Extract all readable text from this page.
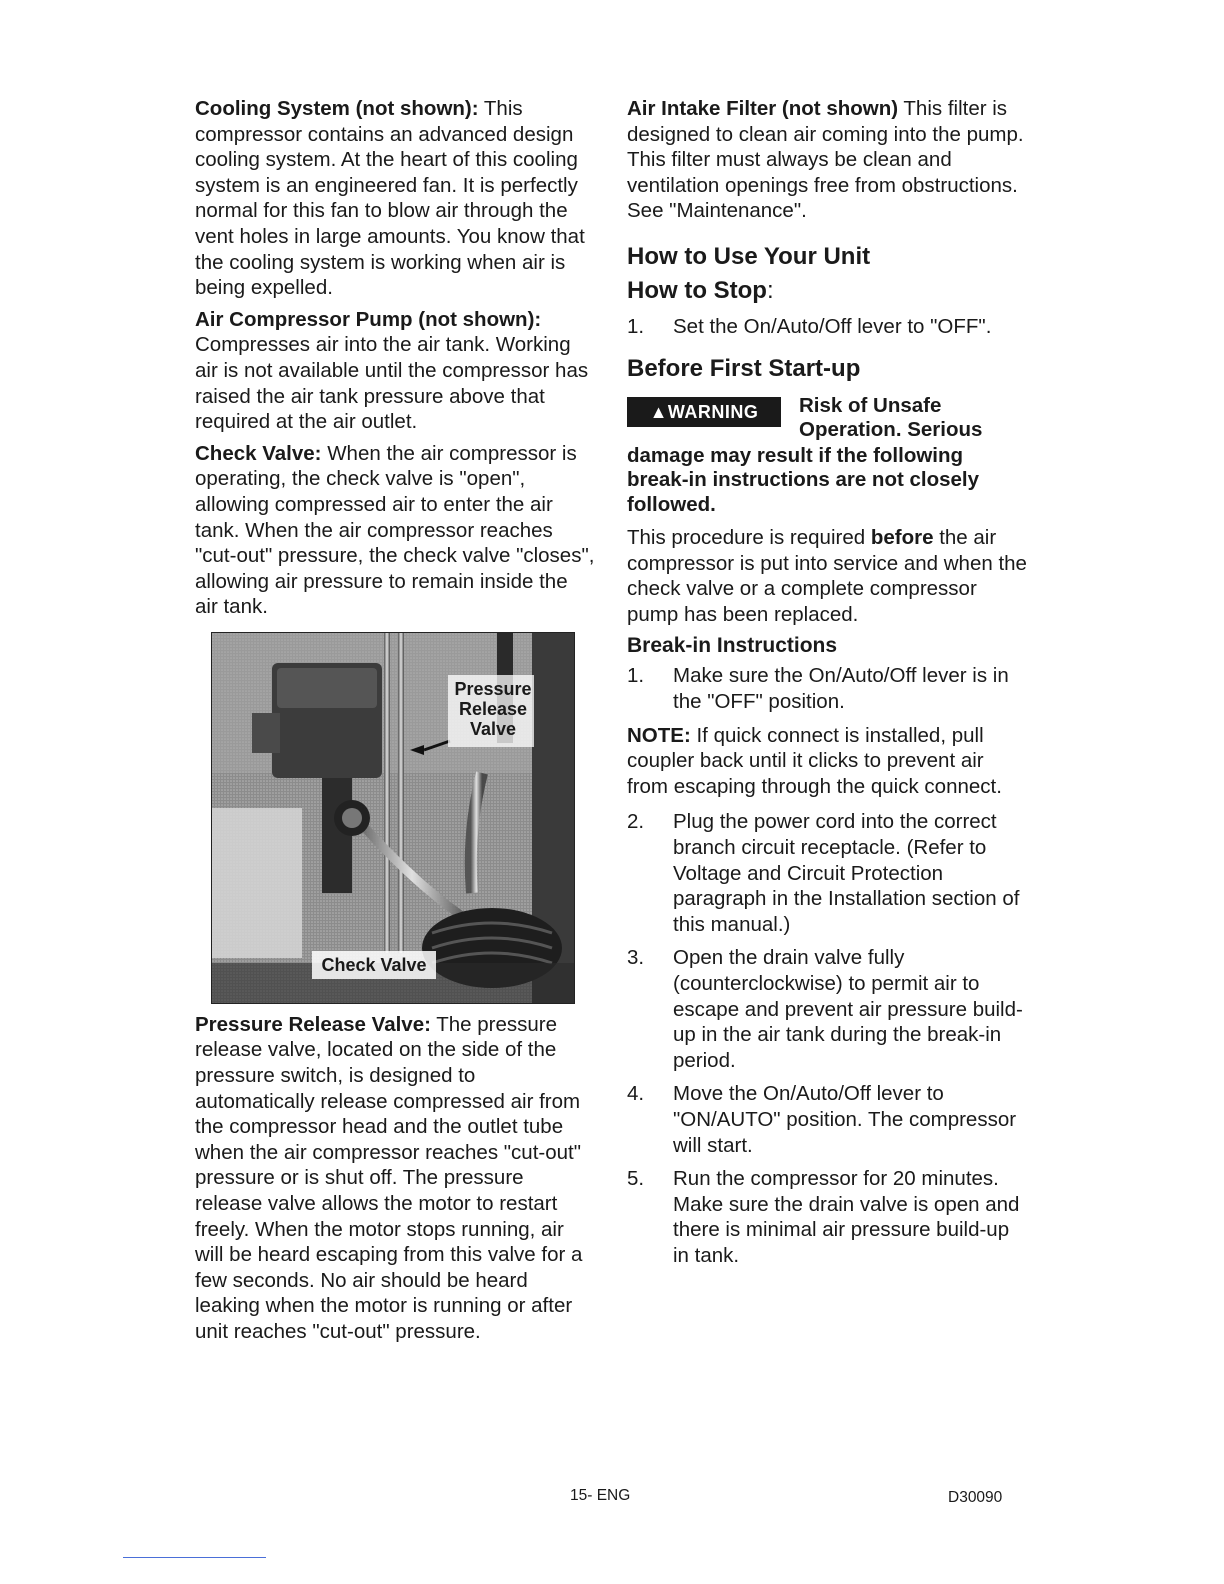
Cooling System (not shown): This compressor contains an advanced design cooling system. At the heart of this cooling system is an engineered fan. It is perfectly normal for this fan to blow air through the vent holes in large amounts. You know that the cooling system is working when air is being expelled.

Air Compressor Pump (not shown): Compresses air into the air tank. Working air is not available until the compressor has raised the air tank pressure above that required at the air outlet.

Check Valve: When the air compressor is operating, the check valve is "open", allowing compressed air to enter the air tank. When the air compressor reaches "cut-out" pressure, the check valve "closes", allowing air pressure to remain inside the air tank.

Pressure
Release
Valve
Check Valve

Pressure Release Valve: The pressure release valve, located on the side of the pressure switch, is designed to automatically release compressed air from the compressor head and the outlet tube when the air compressor reaches "cut-out" pressure or is shut off. The pressure release valve allows the motor to restart freely. When the motor stops running, air will be heard escaping from this valve for a few seconds. No air should be heard leaking when the motor is running or after unit reaches "cut-out" pressure.

Air Intake Filter (not shown) This filter is designed to clean air coming into the pump. This filter must always be clean and ventilation openings free from obstructions. See "Maintenance".

How to Use Your Unit
How to Stop:
1. Set the On/Auto/Off lever to "OFF".
Before First Start-up
▲WARNING	Risk of Unsafe
Operation. Serious

damage may result if the following break-in instructions are not closely followed.

This procedure is required before the air compressor is put into service and when the check valve or a complete compressor pump has been replaced.

Break-in Instructions
1. Make sure the On/Auto/Off lever is in the "OFF" position.

NOTE: If quick connect is installed, pull coupler back until it clicks to prevent air from escaping through the quick connect.

2. Plug the power cord into the correct branch circuit receptacle. (Refer to Voltage and Circuit Protection paragraph in the Installation section of this manual.)
3. Open the drain valve fully (counterclockwise) to permit air to escape and prevent air pressure build-up in the air tank during the break-in period.
4. Move the On/Auto/Off lever to "ON/AUTO" position. The compressor will start.
5. Run the compressor for 20 minutes. Make sure the drain valve is open and there is minimal air pressure build-up in tank.
15- ENG	D30090
